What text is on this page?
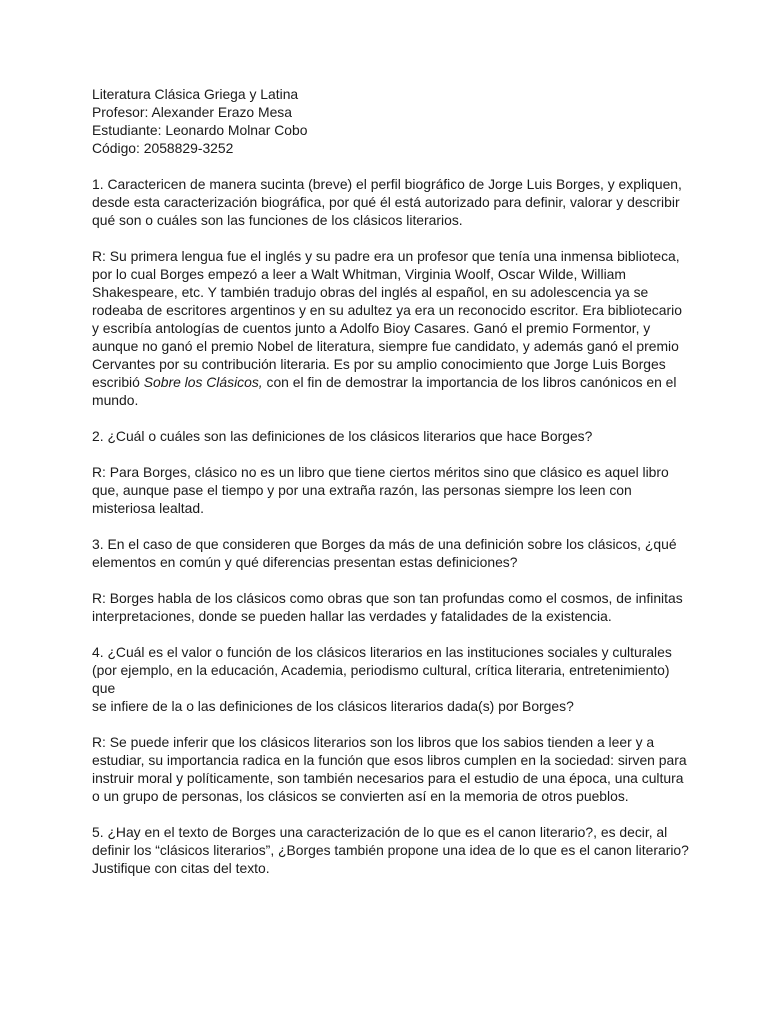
Literatura Clásica Griega y Latina

Profesor: Alexander Erazo Mesa

Estudiante: Leonardo Molnar Cobo

Código: 2058829-3252

1. Caractericen de manera sucinta (breve) el perfil biográfico de Jorge Luis Borges, y expliquen, desde esta caracterización biográfica, por qué él está autorizado para definir, valorar y describir qué son o cuáles son las funciones de los clásicos literarios.

R: Su primera lengua fue el inglés y su padre era un profesor que tenía una inmensa biblioteca, por lo cual Borges empezó a leer a Walt Whitman, Virginia Woolf, Oscar Wilde, William Shakespeare, etc. Y también tradujo obras del inglés al español, en su adolescencia ya se rodeaba de escritores argentinos y en su adultez ya era un reconocido escritor. Era bibliotecario y escribía antologías de cuentos junto a Adolfo Bioy Casares. Ganó el premio Formentor, y aunque no ganó el premio Nobel de literatura, siempre fue candidato, y además ganó el premio Cervantes por su contribución literaria. Es por su amplio conocimiento que Jorge Luis Borges escribió Sobre los Clásicos, con el fin de demostrar la importancia de los libros canónicos en el mundo.

2. ¿Cuál o cuáles son las definiciones de los clásicos literarios que hace Borges?

R: Para Borges, clásico no es un libro que tiene ciertos méritos sino que clásico es aquel libro que, aunque pase el tiempo y por una extraña razón, las personas siempre los leen con misteriosa lealtad.

3. En el caso de que consideren que Borges da más de una definición sobre los clásicos, ¿qué elementos en común y qué diferencias presentan estas definiciones?

R: Borges habla de los clásicos como obras que son tan profundas como el cosmos, de infinitas interpretaciones, donde se pueden hallar las verdades y fatalidades de la existencia.

4. ¿Cuál es el valor o función de los clásicos literarios en las instituciones sociales y culturales (por ejemplo, en la educación, Academia, periodismo cultural, crítica literaria, entretenimiento) que
se infiere de la o las definiciones de los clásicos literarios dada(s) por Borges?

R: Se puede inferir que los clásicos literarios son los libros que los sabios tienden a leer y a estudiar, su importancia radica en la función que esos libros cumplen en la sociedad: sirven para instruir moral y políticamente, son también necesarios para el estudio de una época, una cultura o un grupo de personas, los clásicos se convierten así en la memoria de otros pueblos.

5. ¿Hay en el texto de Borges una caracterización de lo que es el canon literario?, es decir, al definir los “clásicos literarios”, ¿Borges también propone una idea de lo que es el canon literario?
Justifique con citas del texto.
